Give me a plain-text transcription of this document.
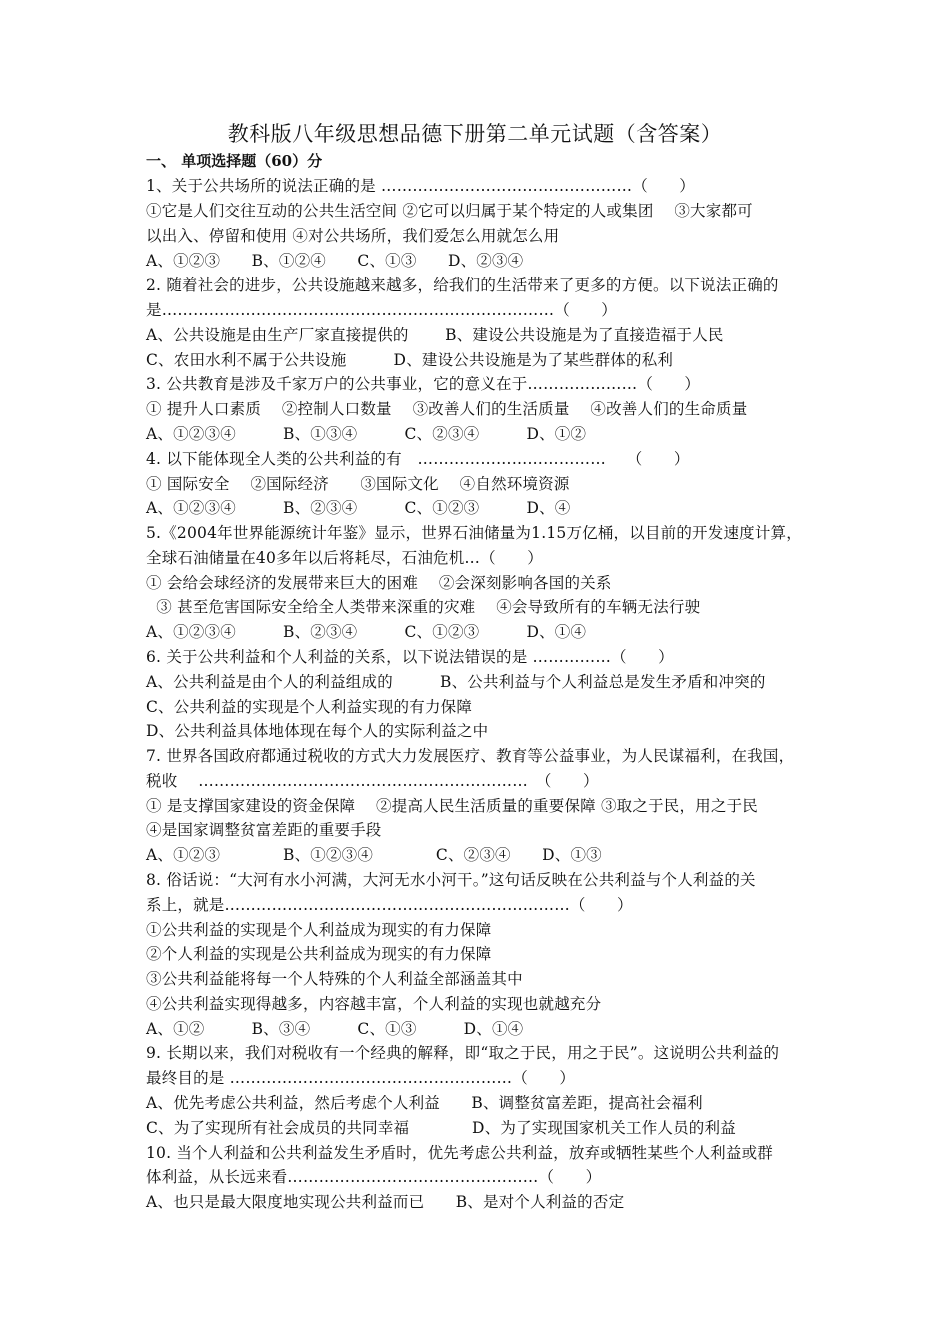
教科版八年级思想品德下册第二单元试题（含答案）
一、 单项选择题（60）分
1、关于公共场所的说法正确的是 …………………………………………（　　）
①它是人们交往互动的公共生活空间 ②它可以归属于某个特定的人或集团　 ③大家都可
以出入、停留和使用 ④对公共场所，我们爱怎么用就怎么用
A、①②③　　B、①②④　　C、①③　　D、②③④
2. 随着社会的进步，公共设施越来越多，给我们的生活带来了更多的方便。以下说法正确的
是…………………………………………………………………（　　）
A、公共设施是由生产厂家直接提供的　　 B、建设公共设施是为了直接造福于人民
C、农田水利不属于公共设施　　　D、建设公共设施是为了某些群体的私利
3. 公共教育是涉及千家万户的公共事业，它的意义在于…………………（　　）
① 提升人口素质　 ②控制人口数量　 ③改善人们的生活质量　 ④改善人们的生命质量
A、①②③④　　　B、①③④　　　C、②③④　　　D、①②
4. 以下能体现全人类的公共利益的有　………………………………　 （　　）
① 国际安全　 ②国际经济　　③国际文化　 ④自然环境资源
A、①②③④　　　B、②③④　　　C、①②③　　　D、④
5.《2004年世界能源统计年鉴》显示，世界石油储量为1.15万亿桶，以目前的开发速度计算，
全球石油储量在40多年以后将耗尽，石油危机…（　　）
① 会给会球经济的发展带来巨大的困难　 ②会深刻影响各国的关系
③ 甚至危害国际安全给全人类带来深重的灾难　 ④会导致所有的车辆无法行驶
A、①②③④　　　B、②③④　　　C、①②③　　　D、①④
6. 关于公共利益和个人利益的关系，以下说法错误的是 ……………（　　）
A、公共利益是由个人的利益组成的　　　B、公共利益与个人利益总是发生矛盾和冲突的
C、公共利益的实现是个人利益实现的有力保障
D、公共利益具体地体现在每个人的实际利益之中
7. 世界各国政府都通过税收的方式大力发展医疗、教育等公益事业，为人民谋福利，在我国，
税收　 ………………………………………………………　（　　）
① 是支撑国家建设的资金保障　 ②提高人民生活质量的重要保障 ③取之于民，用之于民
④是国家调整贫富差距的重要手段
A、①②③　　　　B、①②③④　　　　C、②③④　　D、①③
8. 俗话说：“大河有水小河满，大河无水小河干。”这句话反映在公共利益与个人利益的关
系上，就是…………………………………………………………（　　）
①公共利益的实现是个人利益成为现实的有力保障
②个人利益的实现是公共利益成为现实的有力保障
③公共利益能将每一个人特殊的个人利益全部涵盖其中
④公共利益实现得越多，内容越丰富，个人利益的实现也就越充分
A、①②　　　B、③④　　　C、①③　　　D、①④
9. 长期以来，我们对税收有一个经典的解释，即“取之于民，用之于民”。这说明公共利益的
最终目的是 ………………………………………………（　　）
A、优先考虑公共利益，然后考虑个人利益　　B、调整贫富差距，提高社会福利
C、为了实现所有社会成员的共同幸福　　　　D、为了实现国家机关工作人员的利益
10. 当个人利益和公共利益发生矛盾时，优先考虑公共利益，放弃或牺牲某些个人利益或群
体利益，从长远来看…………………………………………（　　）
A、也只是最大限度地实现公共利益而已　　B、是对个人利益的否定
